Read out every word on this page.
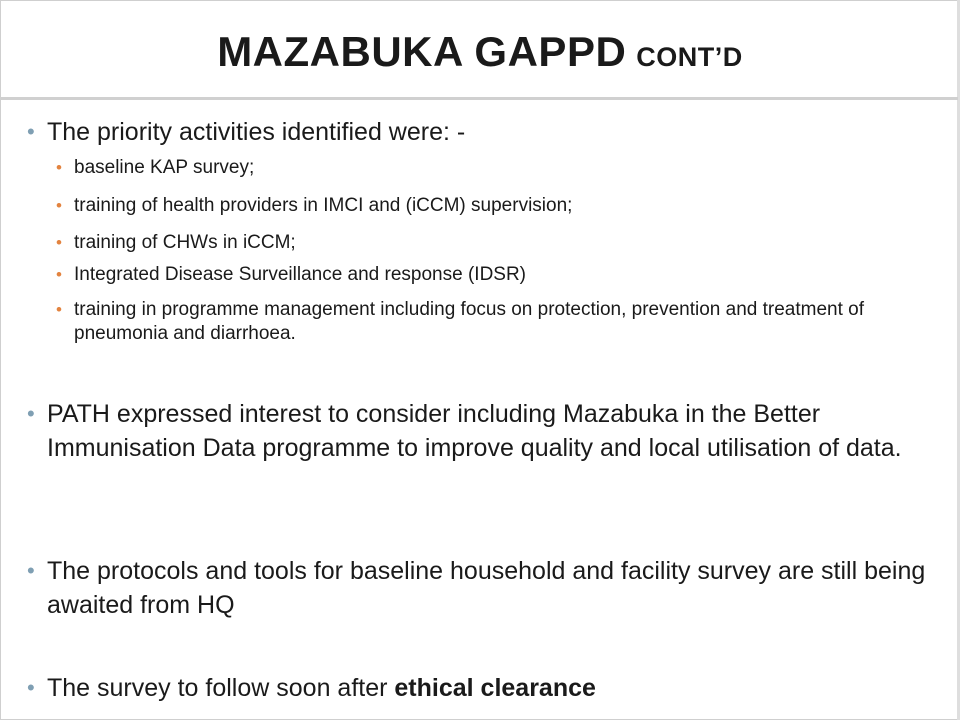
MAZABUKA GAPPD CONT’D
• The priority activities identified were: -
• baseline KAP survey;
• training of health providers in IMCI and (iCCM) supervision;
• training of CHWs in iCCM;
• Integrated Disease Surveillance and response (IDSR)
• training in programme management including focus on protection, prevention and treatment of pneumonia and diarrhoea.
• PATH expressed interest to consider including Mazabuka in the Better Immunisation Data programme to improve quality and local utilisation of data.
• The protocols and tools for baseline household and facility survey are still being awaited from HQ
• The survey to follow soon after ethical clearance
